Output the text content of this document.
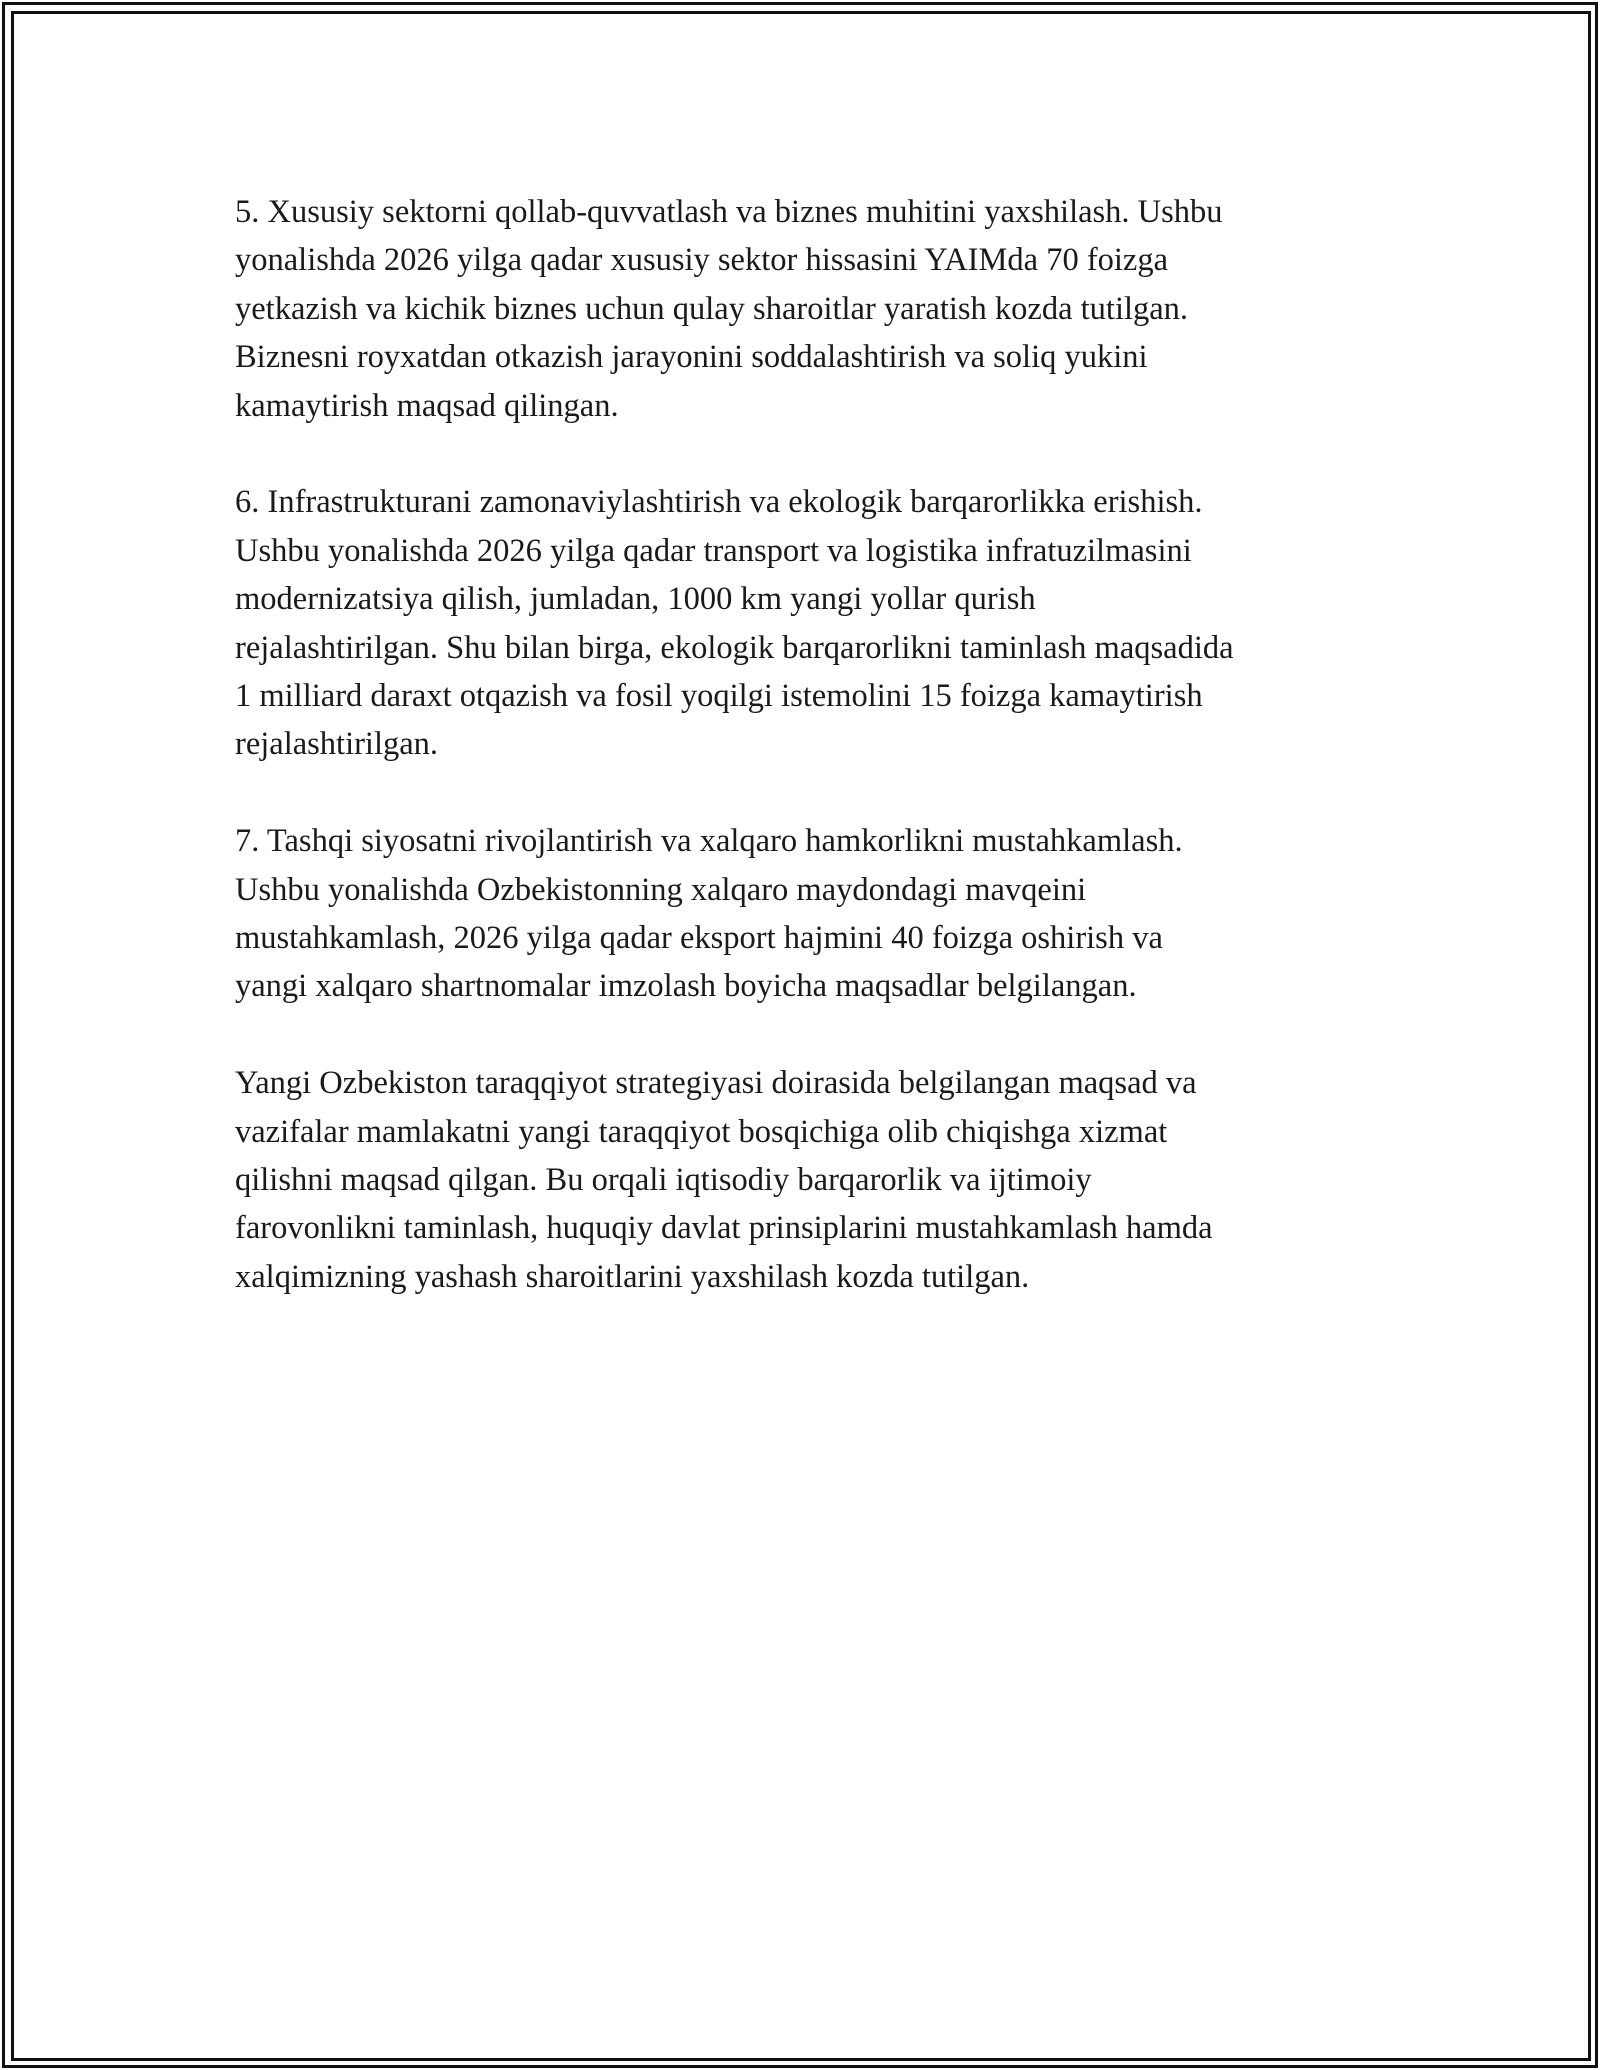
5. Xususiy sektorni qollab-quvvatlash va biznes muhitini yaxshilash. Ushbu
yonalishda 2026 yilga qadar xususiy sektor hissasini YAIMda 70 foizga
yetkazish va kichik biznes uchun qulay sharoitlar yaratish kozda tutilgan.
Biznesni royxatdan otkazish jarayonini soddalashtirish va soliq yukini
kamaytirish maqsad qilingan.

6. Infrastrukturani zamonaviylashtirish va ekologik barqarorlikka erishish.
Ushbu yonalishda 2026 yilga qadar transport va logistika infratuzilmasini
modernizatsiya qilish, jumladan, 1000 km yangi yollar qurish
rejalashtirilgan. Shu bilan birga, ekologik barqarorlikni taminlash maqsadida
1 milliard daraxt otqazish va fosil yoqilgi istemolini 15 foizga kamaytirish
rejalashtirilgan.

7. Tashqi siyosatni rivojlantirish va xalqaro hamkorlikni mustahkamlash.
Ushbu yonalishda Ozbekistonning xalqaro maydondagi mavqeini
mustahkamlash, 2026 yilga qadar eksport hajmini 40 foizga oshirish va
yangi xalqaro shartnomalar imzolash boyicha maqsadlar belgilangan.

Yangi Ozbekiston taraqqiyot strategiyasi doirasida belgilangan maqsad va
vazifalar mamlakatni yangi taraqqiyot bosqichiga olib chiqishga xizmat
qilishni maqsad qilgan. Bu orqali iqtisodiy barqarorlik va ijtimoiy
farovonlikni taminlash, huquqiy davlat prinsiplarini mustahkamlash hamda
xalqimizning yashash sharoitlarini yaxshilash kozda tutilgan.
